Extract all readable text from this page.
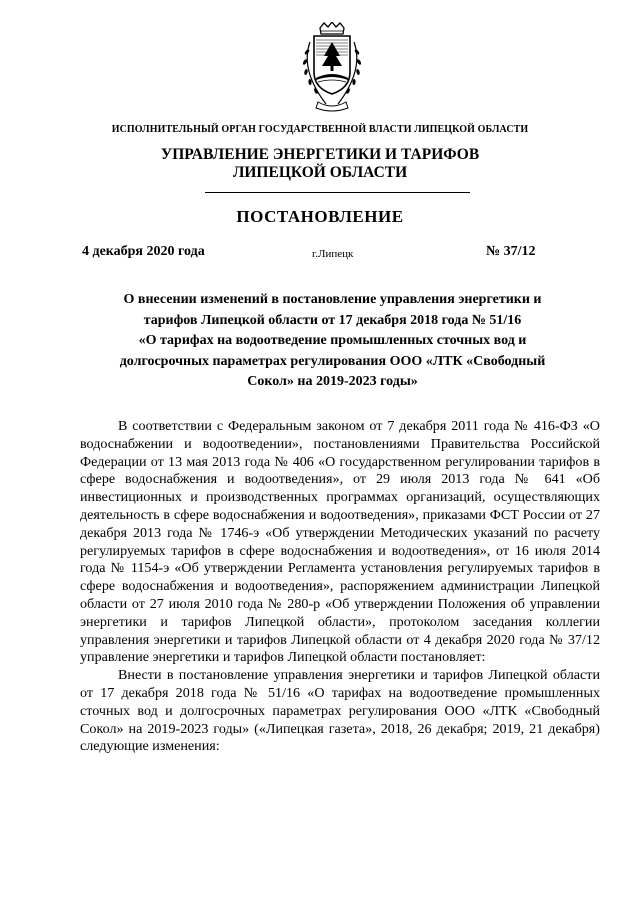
ИСПОЛНИТЕЛЬНЫЙ ОРГАН ГОСУДАРСТВЕННОЙ ВЛАСТИ ЛИПЕЦКОЙ ОБЛАСТИ
УПРАВЛЕНИЕ ЭНЕРГЕТИКИ И ТАРИФОВ
ЛИПЕЦКОЙ ОБЛАСТИ
ПОСТАНОВЛЕНИЕ
4 декабря 2020 года	г.Липецк	№ 37/12
О внесении изменений в постановление управления энергетики и
тарифов Липецкой области от 17 декабря 2018 года № 51/16
«О тарифах на водоотведение промышленных сточных вод и
долгосрочных параметрах регулирования ООО «ЛТК «Свободный
Сокол» на 2019-2023 годы»

В соответствии с Федеральным законом от 7 декабря 2011 года № 416-ФЗ «О водоснабжении и водоотведении», постановлениями Правительства Российской Федерации от 13 мая 2013 года № 406 «О государственном регулировании тарифов в сфере водоснабжения и водоотведения», от 29 июля 2013 года № 641 «Об инвестиционных и производственных программах организаций, осуществляющих деятельность в сфере водоснабжения и водоотведения», приказами ФСТ России от 27 декабря 2013 года № 1746-э «Об утверждении Методических указаний по расчету регулируемых тарифов в сфере водоснабжения и водоотведения», от 16 июля 2014 года № 1154-э «Об утверждении Регламента установления регулируемых тарифов в сфере водоснабжения и водоотведения», распоряжением администрации Липецкой области от 27 июля 2010 года № 280-р «Об утверждении Положения об управлении энергетики и тарифов Липецкой области», протоколом заседания коллегии управления энергетики и тарифов Липецкой области от 4 декабря 2020 года № 37/12 управление энергетики и тарифов Липецкой области постановляет:

Внести в постановление управления энергетики и тарифов Липецкой области от 17 декабря 2018 года № 51/16 «О тарифах на водоотведение промышленных сточных вод и долгосрочных параметрах регулирования ООО «ЛТК «Свободный Сокол» на 2019-2023 годы» («Липецкая газета», 2018, 26 декабря; 2019, 21 декабря) следующие изменения:
